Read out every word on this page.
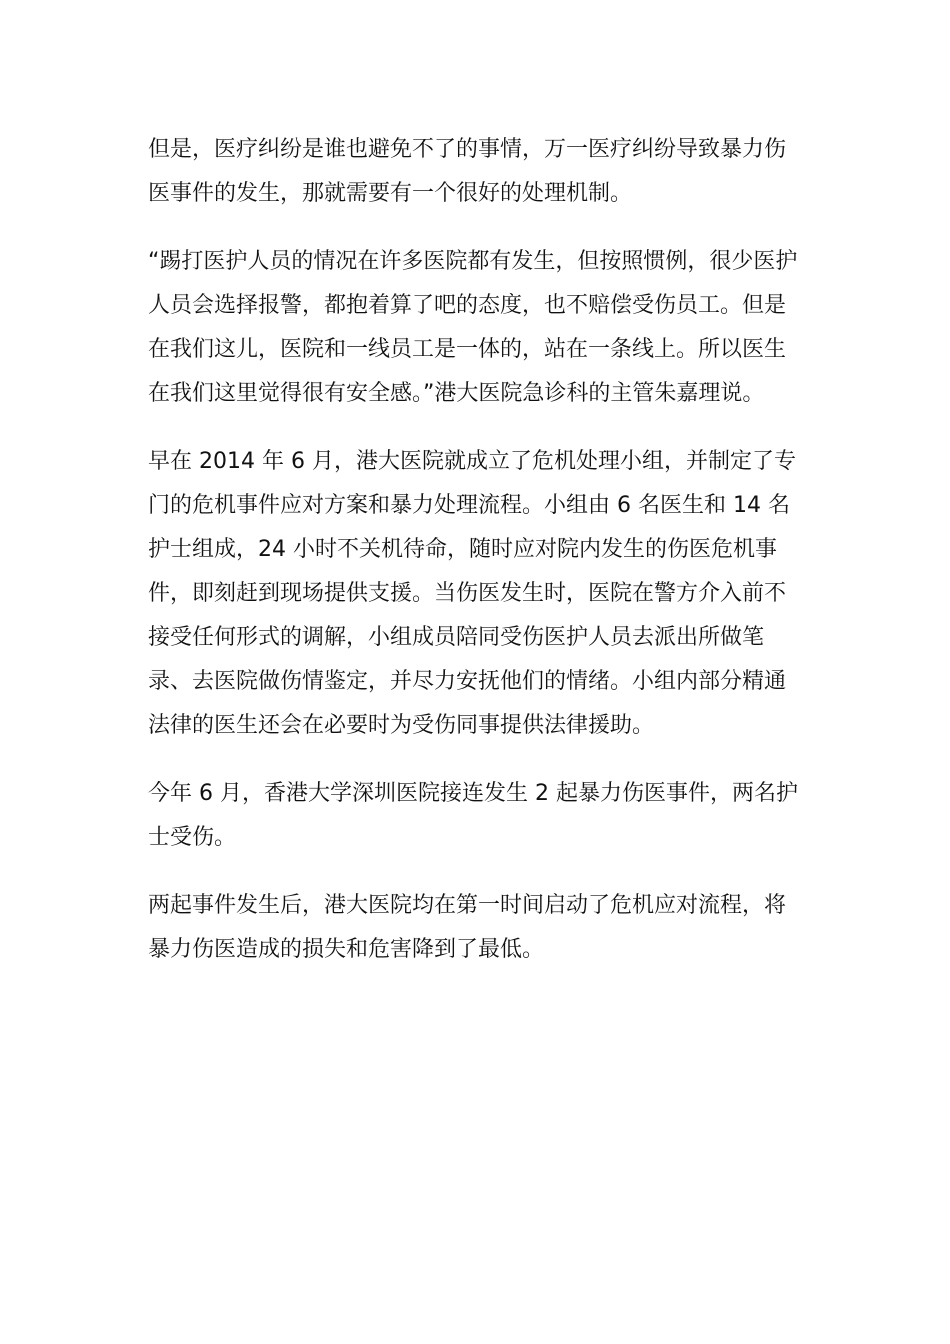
但是，医疗纠纷是谁也避免不了的事情，万一医疗纠纷导致暴力伤
医事件的发生，那就需要有一个很好的处理机制。
“踢打医护人员的情况在许多医院都有发生，但按照惯例，很少医护
人员会选择报警，都抱着算了吧的态度，也不赔偿受伤员工。但是
在我们这儿，医院和一线员工是一体的，站在一条线上。所以医生
在我们这里觉得很有安全感。”港大医院急诊科的主管朱嘉理说。
早在 2014 年 6 月，港大医院就成立了危机处理小组，并制定了专
门的危机事件应对方案和暴力处理流程。小组由 6 名医生和 14 名
护士组成，24 小时不关机待命，随时应对院内发生的伤医危机事
件，即刻赶到现场提供支援。当伤医发生时，医院在警方介入前不
接受任何形式的调解，小组成员陪同受伤医护人员去派出所做笔
录、去医院做伤情鉴定，并尽力安抚他们的情绪。小组内部分精通
法律的医生还会在必要时为受伤同事提供法律援助。
今年 6 月，香港大学深圳医院接连发生 2 起暴力伤医事件，两名护
士受伤。
两起事件发生后，港大医院均在第一时间启动了危机应对流程，将
暴力伤医造成的损失和危害降到了最低。
